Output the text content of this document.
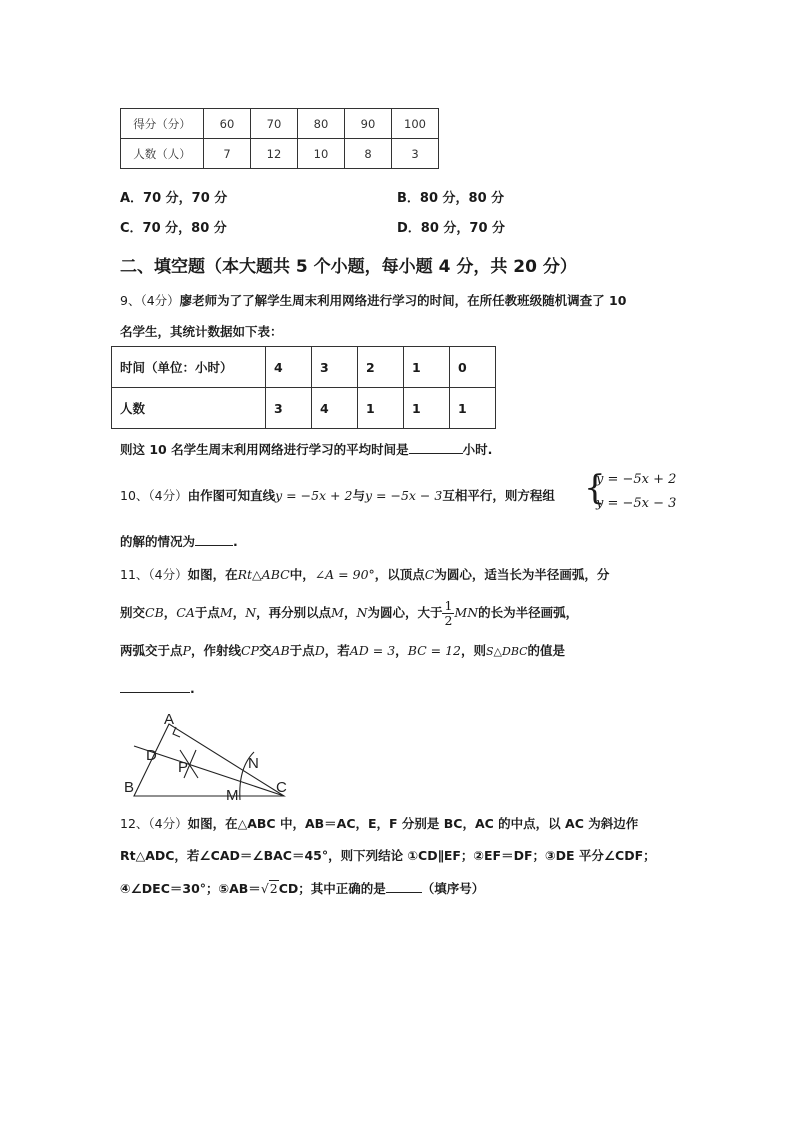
得分（分）	60	70	80	90	100
人数（人）	7	12	10	8	3
A．70 分，70 分	B．80 分，80 分
C．70 分，80 分	D．80 分，70 分
二、填空题（本大题共 5 个小题，每小题 4 分，共 20 分）
9、（4分）廖老师为了了解学生周末利用网络进行学习的时间，在所任教班级随机调查了 10
名学生，其统计数据如下表：
时间（单位：小时）	4	3	2	1	0
人数	3	4	1	1	1
则这 10 名学生周末利用网络进行学习的平均时间是	小时.
10、（4分）由作图可知直线y = −5x + 2与y = −5x − 3互相平行，则方程组 {
y = −5x + 2
y = −5x − 3
的解的情况为	.
11、（4分）如图，在Rt△ABC中，∠A = 90°，以顶点C为圆心，适当长为半径画弧，分
别交CB，CA于点M，N，再分别以点M，N为圆心，大于 $\frac{1}{2}$ MN的长为半径画弧，
两弧交于点P，作射线CP交AB于点D，若AD = 3，BC = 12，则S△DBC的值是
.
A
D
P	N
B	M	C
12、（4分）如图，在△ABC 中，AB＝AC，E，F 分别是 BC，AC 的中点，以 AC 为斜边作
Rt△ADC，若∠CAD＝∠BAC＝45°，则下列结论 ①CD∥EF；②EF＝DF；③DE 平分∠CDF；
④∠DEC＝30°；⑤AB＝√2CD；其中正确的是	（填序号）
